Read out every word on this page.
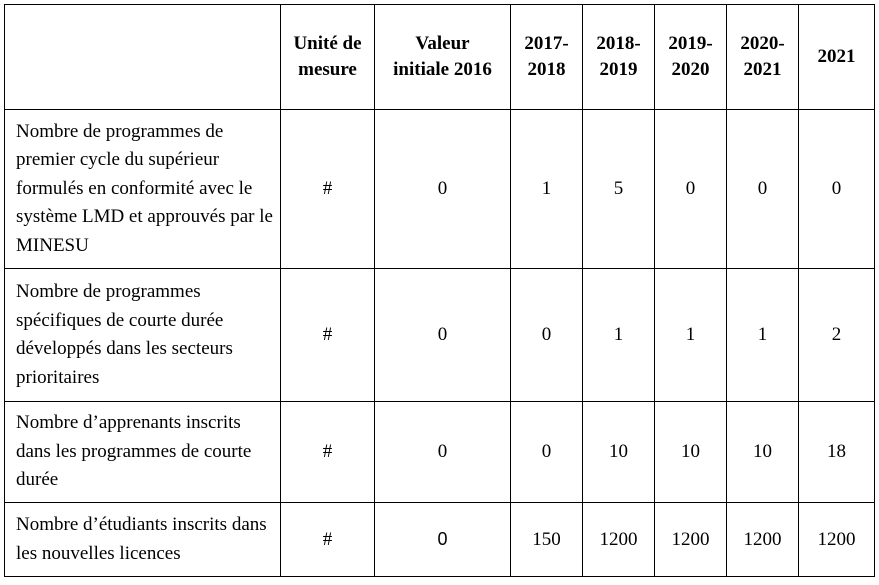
	Unité de mesure	Valeur initiale 2016	2017-2018	2018-2019	2019-2020	2020-2021	2021
Nombre de programmes de premier cycle du supérieur formulés en conformité avec le système LMD et approuvés par le MINESU	#	0	1	5	0	0	0
Nombre de programmes spécifiques de courte durée développés dans les secteurs prioritaires	#	0	0	1	1	1	2
Nombre d’apprenants inscrits dans les programmes de courte durée	#	0	0	10	10	10	18
Nombre d’étudiants inscrits dans les nouvelles licences	#	0	150	1200	1200	1200	1200
